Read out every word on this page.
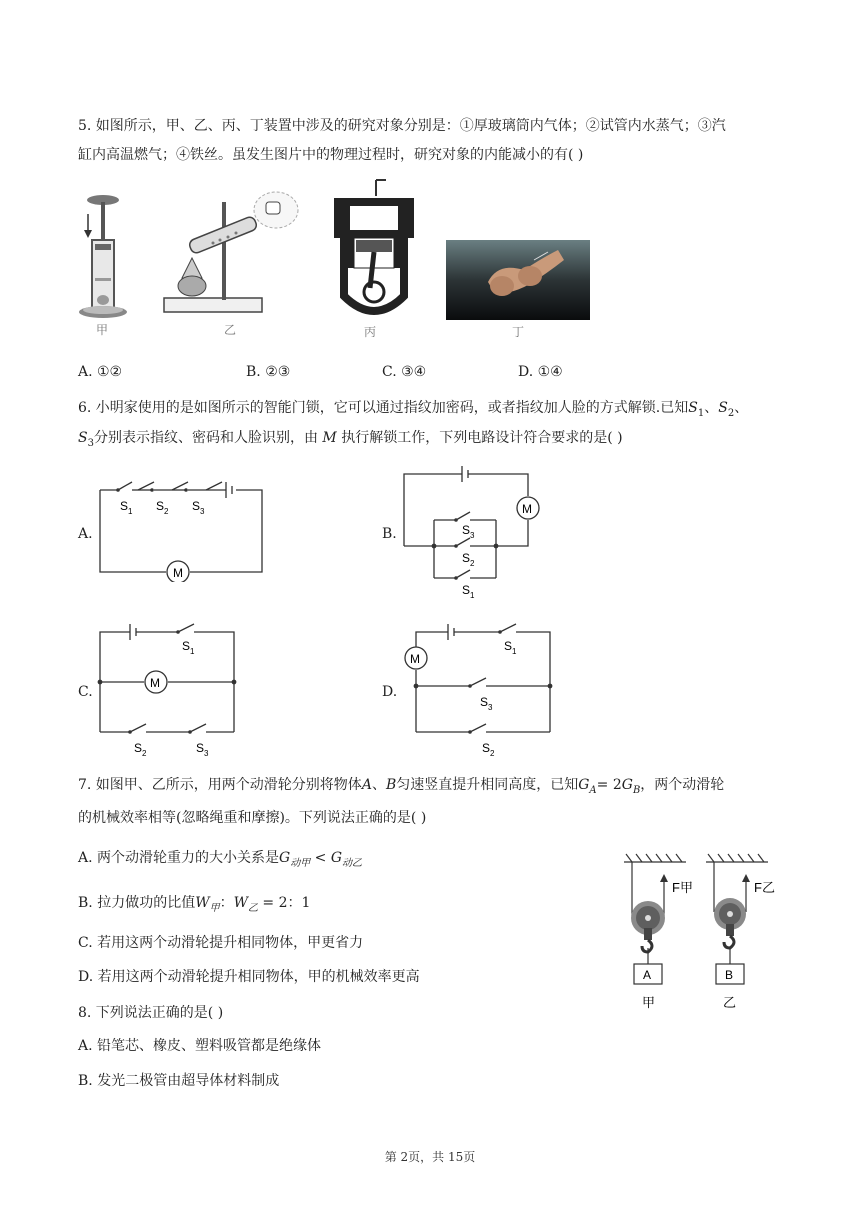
5. 如图所示，甲、乙、丙、丁装置中涉及的研究对象分别是：①厚玻璃筒内气体；②试管内水蒸气；③汽
缸内高温燃气；④铁丝。虽发生图片中的物理过程时，研究对象的内能减小的有( )
甲	乙	丙	丁
A. ①②	B. ②③	C. ③④	D. ①④
6. 小明家使用的是如图所示的智能门锁，它可以通过指纹加密码，或者指纹加人脸的方式解锁.已知$S_1$、$S_2$、
$S_3$分别表示指纹、密码和人脸识别，由 M 执行解锁工作，下列电路设计符合要求的是( )
A.
M
S 1 S 2 S 3
B.
M
S 3
S 2
S 1
C.
M
S 1
S 2	S 3
D.
M
S 1
S 3
S 2
7. 如图甲、乙所示，用两个动滑轮分别将物体A、B匀速竖直提升相同高度，已知$G_A= 2G_B$，两个动滑轮
的机械效率相等(忽略绳重和摩擦)。下列说法正确的是( )
A. 两个动滑轮重力的大小关系是$G_{动甲} < G_{动乙}$
B. 拉力做功的比值$W_甲$：$W_乙 = 2$：1
C. 若用这两个动滑轮提升相同物体，甲更省力
D. 若用这两个动滑轮提升相同物体，甲的机械效率更高
F甲	F乙
A	B
甲	乙
8. 下列说法正确的是( )
A. 铅笔芯、橡皮、塑料吸管都是绝缘体
B. 发光二极管由超导体材料制成
第 2页，共 15页
